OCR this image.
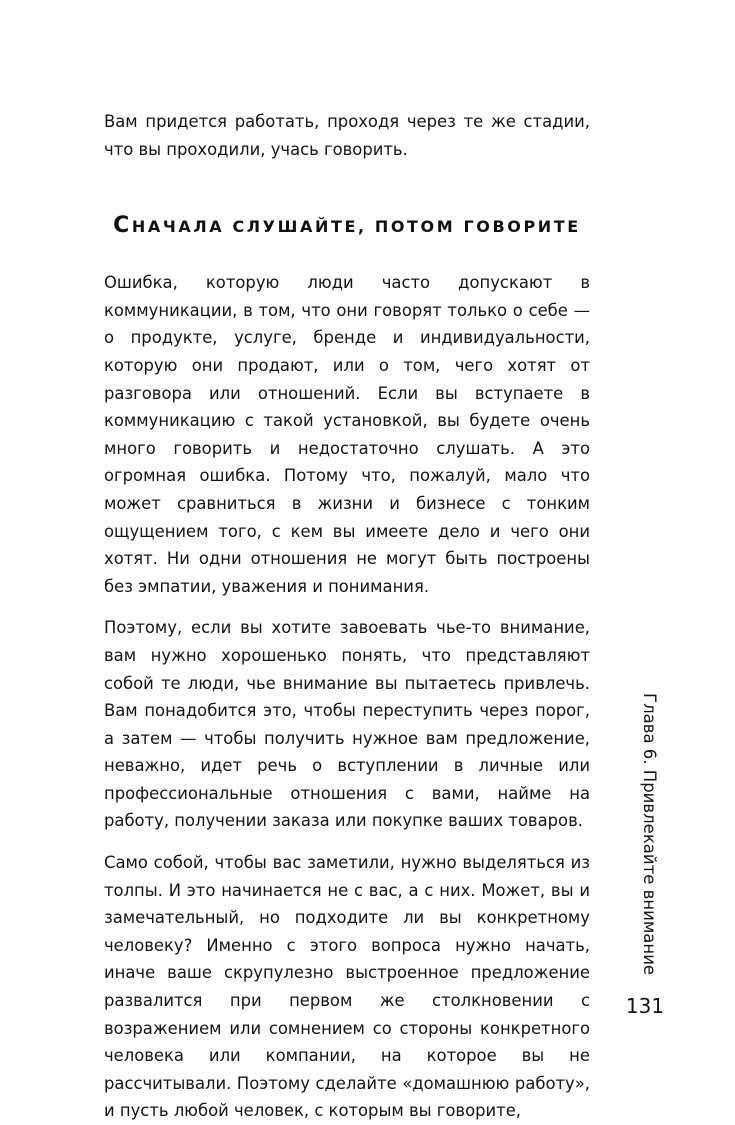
Вам придется работать, проходя через те же стадии, что вы проходили, учась говорить.

СНАЧАЛА СЛУШАЙТЕ, ПОТОМ ГОВОРИТЕ

Ошибка, которую люди часто допускают в коммуникации, в том, что они говорят только о себе — о продукте, услуге, бренде и индивидуальности, которую они продают, или о том, чего хотят от разговора или отношений. Если вы вступаете в коммуникацию с такой установкой, вы будете очень много говорить и недостаточно слушать. А это огромная ошибка. Потому что, пожалуй, мало что может сравниться в жизни и бизнесе с тонким ощущением того, с кем вы имеете дело и чего они хотят. Ни одни отношения не могут быть построены без эмпатии, уважения и понимания.

Поэтому, если вы хотите завоевать чье-то внимание, вам нужно хорошенько понять, что представляют собой те люди, чье внимание вы пытаетесь привлечь. Вам понадобится это, чтобы переступить через порог, а затем — чтобы получить нужное вам предложение, неважно, идет речь о вступлении в личные или профессиональные отношения с вами, найме на работу, получении заказа или покупке ваших товаров.

Само собой, чтобы вас заметили, нужно выделяться из толпы. И это начинается не с вас, а с них. Может, вы и замечательный, но подходите ли вы конкретному человеку? Именно с этого вопроса нужно начать, иначе ваше скрупулезно выстроенное предложение развалится при первом же столкновении с возражением или сомнением со стороны конкретного человека или компании, на которое вы не рассчитывали. Поэтому сделайте «домашнюю работу», и пусть любой человек, с которым вы говорите,

Глава 6. Привлекайте внимание
131
